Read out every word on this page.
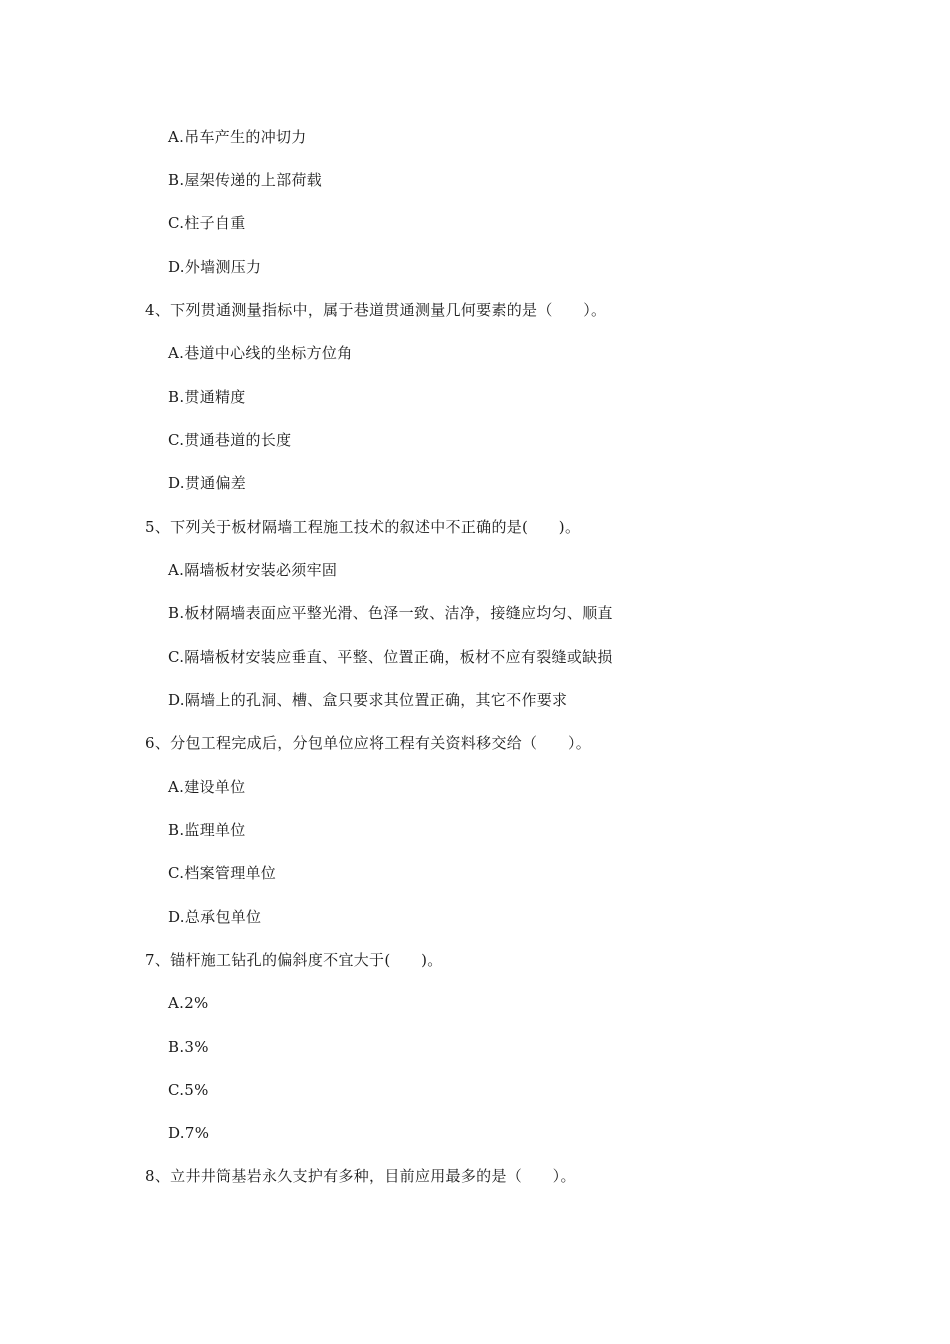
A.吊车产生的冲切力
B.屋架传递的上部荷载
C.柱子自重
D.外墙测压力
4、下列贯通测量指标中，属于巷道贯通测量几何要素的是（　　）。
A.巷道中心线的坐标方位角
B.贯通精度
C.贯通巷道的长度
D.贯通偏差
5、下列关于板材隔墙工程施工技术的叙述中不正确的是(　　)。
A.隔墙板材安装必须牢固
B.板材隔墙表面应平整光滑、色泽一致、洁净，接缝应均匀、顺直
C.隔墙板材安装应垂直、平整、位置正确，板材不应有裂缝或缺损
D.隔墙上的孔洞、槽、盒只要求其位置正确，其它不作要求
6、分包工程完成后，分包单位应将工程有关资料移交给（　　）。
A.建设单位
B.监理单位
C.档案管理单位
D.总承包单位
7、锚杆施工钻孔的偏斜度不宜大于(　　)。
A.2%
B.3%
C.5%
D.7%
8、立井井筒基岩永久支护有多种，目前应用最多的是（　　）。
